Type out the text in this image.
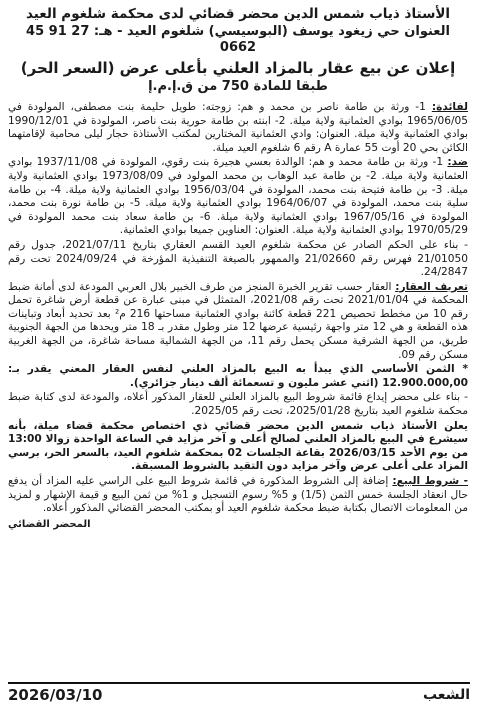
الأستاذ ذياب شمس الدين محضر قضائي لدى محكمة شلغوم العيد
العنوان حي زيغود يوسف (البوسيسي) شلغوم العيد - هـ: 27 91 45 0662
إعلان عن بيع عقار بالمزاد العلني بأعلى عرض (السعر الحر)
طبقا للمادة 750 من ق.إ.م.إ

لفائدة: 1- ورثة بن طامة ناصر بن محمد و هم: زوجته: طويل حليمة بنت مصطفى، المولودة في 1965/06/05 بوادي العثمانية ولاية ميلة. 2- ابنته بن طامة حورية بنت ناصر، المولودة في 1990/12/01 بوادي العثمانية ولاية ميلة. العنوان: وادي العثمانية المختارين لمكتب الأستاذة حجار ليلى محامية لإقامتهما الكائن بحي 20 أوت 55 عمارة A رقم 6 شلغوم العيد ميلة.

ضد: 1- ورثة بن طامة محمد و هم: الوالدة بعسي هجيرة بنت رقوي، المولودة في 1937/11/08 بوادي العثمانية ولاية ميلة. 2- بن طامة عبد الوهاب بن محمد المولود في 1973/08/09 بوادي العثمانية ولاية ميلة. 3- بن طامة فتيحة بنت محمد، المولودة في 1956/03/04 بوادي العثمانية ولاية ميلة. 4- بن طامة سلية بنت محمد، المولودة في 1964/06/07 بوادي العثمانية ولاية ميلة. 5- بن طامة نورة بنت محمد، المولودة في 1967/05/16 بوادي العثمانية ولاية ميلة. 6- بن طامة سعاد بنت محمد المولودة في 1970/05/29 بوادي العثمانية ولاية ميلة. العنوان: العناوين جميعا بوادي العثمانية.

- بناء على الحكم الصادر عن محكمة شلغوم العيد القسم العقاري بتاريخ 2021/07/11، جدول رقم 21/01050 فهرس رقم 21/02660 والممهور بالصيغة التنفيذية المؤرخة في 2024/09/24 تحت رقم 24/2847.

تعريف العقار: العقار حسب تقرير الخبرة المنجز من طرف الخبير بلال العربي المودعة لدى أمانة ضبط المحكمة في 2021/01/04 تحت رقم 2021/08، المتمثل في مبنى عبارة عن قطعة أرض شاغرة تحمل رقم 10 من مخطط تحصيص 221 قطعة كائنة بوادي العثمانية مساحتها 216 م² بعد تحديد أبعاد وتباينات هذه القطعة و هي 12 متر واجهة رئيسية عرضها 12 متر وطول مقدر بـ 18 متر ويحدها من الجهة الجنوبية طريق، من الجهة الشرقية مسكن يحمل رقم 11، من الجهة الشمالية مساحة شاغرة، من الجهة الغربية مسكن رقم 09.

* الثمن الأساسي الذي يبدأ به البيع بالمزاد العلني لنفس العقار المعني يقدر بـ: 12.900.000,00 (اثني عشر مليون و تسعمائة ألف دينار جزائري).

- بناء على محضر إيداع قائمة شروط البيع بالمزاد العلني للعقار المذكور أعلاه، والمودعة لدى كتابة ضبط محكمة شلغوم العيد بتاريخ 2025/01/28، تحت رقم 2025/05.

يعلن الأستاذ ذياب شمس الدين محضر قضائي ذي اختصاص محكمة قضاء ميلة، بأنه سيشرع في البيع بالمزاد العلني لصالح أعلى و آخر مزايد في الساعة الواحدة زوالا 13:00 من يوم الأحد 2026/03/15 بقاعة الجلسات 02 بمحكمة شلغوم العيد، بالسعر الحر، برسي المزاد على أعلى عرض وآخر مزايد دون التقيد بالشروط المسبقة.

- شروط البيع: إضافة إلى الشروط المذكورة في قائمة شروط البيع على الراسي عليه المزاد أن يدفع حال انعقاد الجلسة خمس الثمن (1/5) و 5% رسوم التسجيل و 1% من ثمن البيع و قيمة الإشهار و لمزيد من المعلومات الاتصال بكتابة ضبط محكمة شلغوم العيد أو بمكتب المحضر القضائي المذكور أعلاه.

المحضر القضائي
الشعب
2026/03/10
